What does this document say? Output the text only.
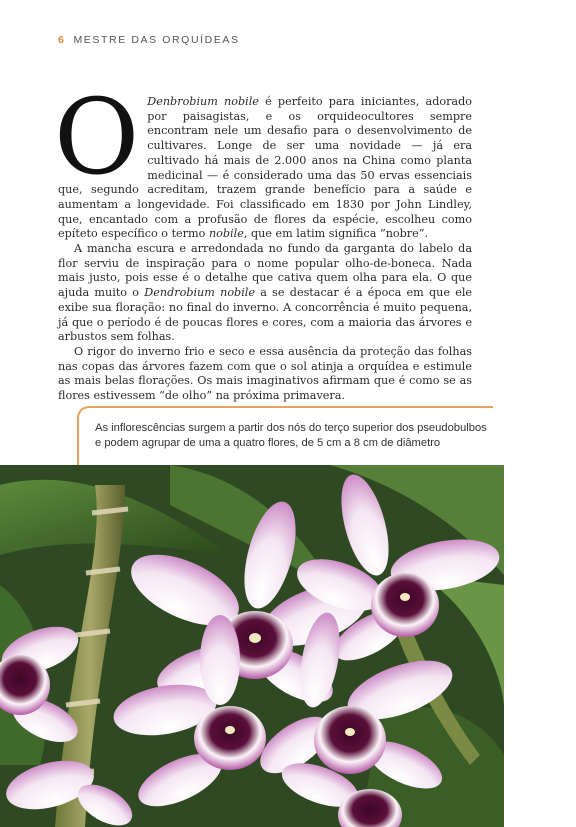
6 MESTRE DAS ORQUÍDEAS
O Denbrobium nobile é perfeito para iniciantes, adorado por paisagistas, e os orquideocultores sempre encontram nele um desafio para o desenvolvimento de cultivares. Longe de ser uma novidade — já era cultivado há mais de 2.000 anos na China como planta medicinal — é considerado uma das 50 ervas essenciais que, segundo acreditam, trazem grande benefício para a saúde e aumentam a longevidade. Foi classificado em 1830 por John Lindley, que, encantado com a profusão de flores da espécie, escolheu como epíteto específico o termo nobile, que em latim significa “nobre”.

A mancha escura e arredondada no fundo da garganta do labelo da flor serviu de inspiração para o nome popular olho-de-boneca. Nada mais justo, pois esse é o detalhe que cativa quem olha para ela. O que ajuda muito o Dendrobium nobile a se destacar é a época em que ele exibe sua floração: no final do inverno. A concorrência é muito pequena, já que o período é de poucas flores e cores, com a maioria das árvores e arbustos sem folhas.

O rigor do inverno frio e seco e essa ausência da proteção das folhas nas copas das árvores fazem com que o sol atinja a orquídea e estimule as mais belas florações. Os mais imaginativos afirmam que é como se as flores estivessem “de olho” na próxima primavera.

As inflorescências surgem a partir dos nós do terço superior dos pseudobulbos e podem agrupar de uma a quatro flores, de 5 cm a 8 cm de diâmetro
